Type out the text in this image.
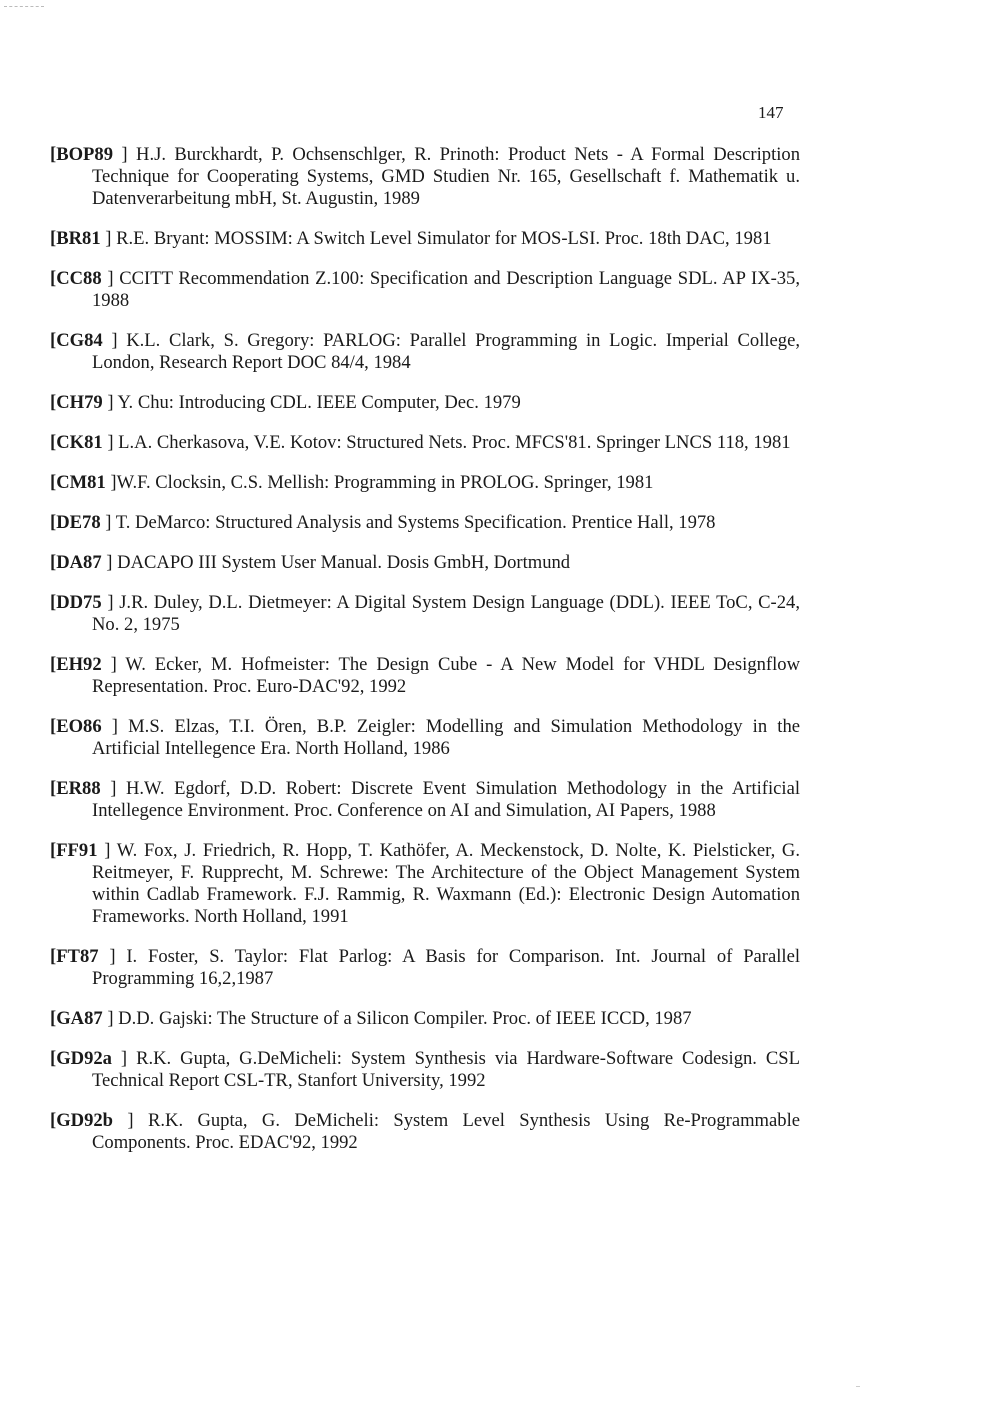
147
[BOP89 ] H.J. Burckhardt, P. Ochsenschlger, R. Prinoth: Product Nets - A Formal Description Technique for Cooperating Systems, GMD Studien Nr. 165, Gesellschaft f. Mathematik u. Datenverarbeitung mbH, St. Augustin, 1989
[BR81 ] R.E. Bryant: MOSSIM: A Switch Level Simulator for MOS-LSI. Proc. 18th DAC, 1981
[CC88 ] CCITT Recommendation Z.100: Specification and Description Language SDL. AP IX-35, 1988
[CG84 ] K.L. Clark, S. Gregory: PARLOG: Parallel Programming in Logic. Imperial College, London, Research Report DOC 84/4, 1984
[CH79 ] Y. Chu: Introducing CDL. IEEE Computer, Dec. 1979
[CK81 ] L.A. Cherkasova, V.E. Kotov: Structured Nets. Proc. MFCS'81. Springer LNCS 118, 1981
[CM81 ]W.F. Clocksin, C.S. Mellish: Programming in PROLOG. Springer, 1981
[DE78 ] T. DeMarco: Structured Analysis and Systems Specification. Prentice Hall, 1978
[DA87 ] DACAPO III System User Manual. Dosis GmbH, Dortmund
[DD75 ] J.R. Duley, D.L. Dietmeyer: A Digital System Design Language (DDL). IEEE ToC, C-24, No. 2, 1975
[EH92 ] W. Ecker, M. Hofmeister: The Design Cube - A New Model for VHDL Designflow Representation. Proc. Euro-DAC'92, 1992
[EO86 ] M.S. Elzas, T.I. Ören, B.P. Zeigler: Modelling and Simulation Methodology in the Artificial Intellegence Era. North Holland, 1986
[ER88 ] H.W. Egdorf, D.D. Robert: Discrete Event Simulation Methodology in the Artificial Intellegence Environment. Proc. Conference on AI and Simulation, AI Papers, 1988
[FF91 ] W. Fox, J. Friedrich, R. Hopp, T. Kathöfer, A. Meckenstock, D. Nolte, K. Pielsticker, G. Reitmeyer, F. Rupprecht, M. Schrewe: The Architecture of the Object Management System within Cadlab Framework. F.J. Rammig, R. Waxmann (Ed.): Electronic Design Automation Frameworks. North Holland, 1991
[FT87 ] I. Foster, S. Taylor: Flat Parlog: A Basis for Comparison. Int. Journal of Parallel Programming 16,2,1987
[GA87 ] D.D. Gajski: The Structure of a Silicon Compiler. Proc. of IEEE ICCD, 1987
[GD92a ] R.K. Gupta, G.DeMicheli: System Synthesis via Hardware-Software Codesign. CSL Technical Report CSL-TR, Stanfort University, 1992
[GD92b ] R.K. Gupta, G. DeMicheli: System Level Synthesis Using Re-Programmable Components. Proc. EDAC'92, 1992
